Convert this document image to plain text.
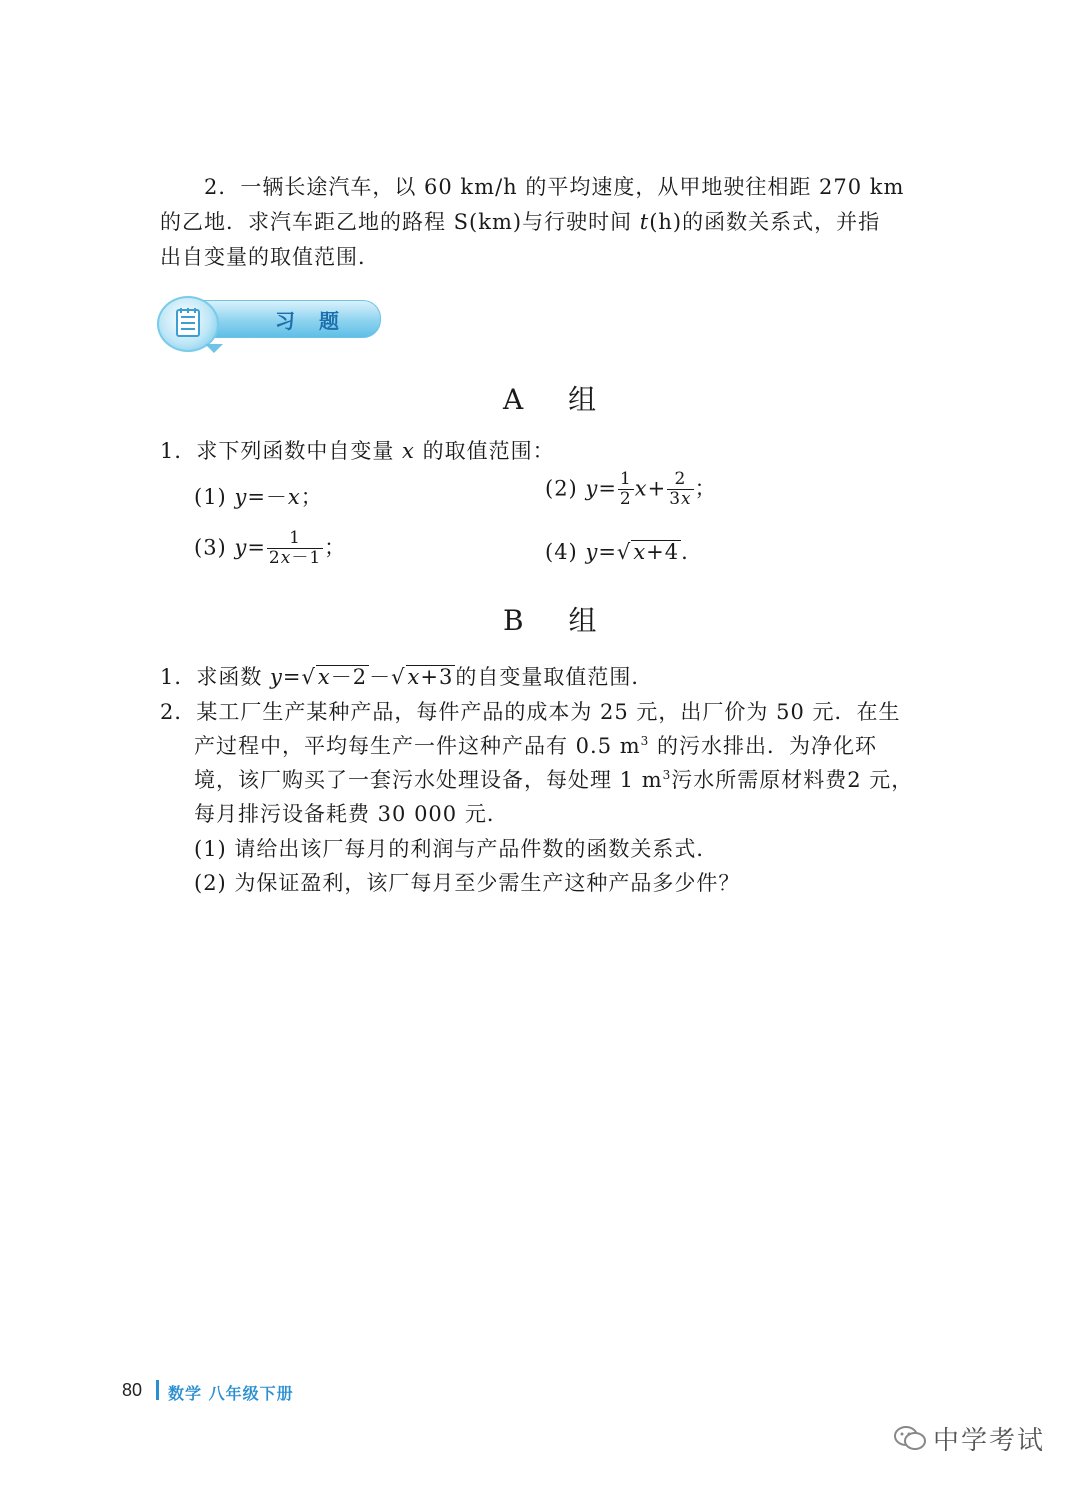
2．一辆长途汽车，以 60 km/h 的平均速度，从甲地驶往相距 270 km
的乙地．求汽车距乙地的路程 S(km)与行驶时间 t(h)的函数关系式，并指
出自变量的取值范围．
习题
A 组
1．求下列函数中自变量 x 的取值范围：
(1) y=－x；	(2) $y= \frac{1}{2} x+ \frac{2}{3x}$ ；
(3) $y= \frac{1}{2x-1}$ ；	(4) y=√x+4.
B 组
1．求函数 y=√x－2－√x+3的自变量取值范围．
2．某工厂生产某种产品，每件产品的成本为 25 元，出厂价为 50 元．在生
产过程中，平均每生产一件这种产品有 0.5 $m^3$ 的污水排出．为净化环
境，该厂购买了一套污水处理设备，每处理 1 $m^3$污水所需原材料费2 元，
每月排污设备耗费 30 000 元．
(1) 请给出该厂每月的利润与产品件数的函数关系式．
(2) 为保证盈利，该厂每月至少需生产这种产品多少件？
80 数学 八年级下册
中学考试
